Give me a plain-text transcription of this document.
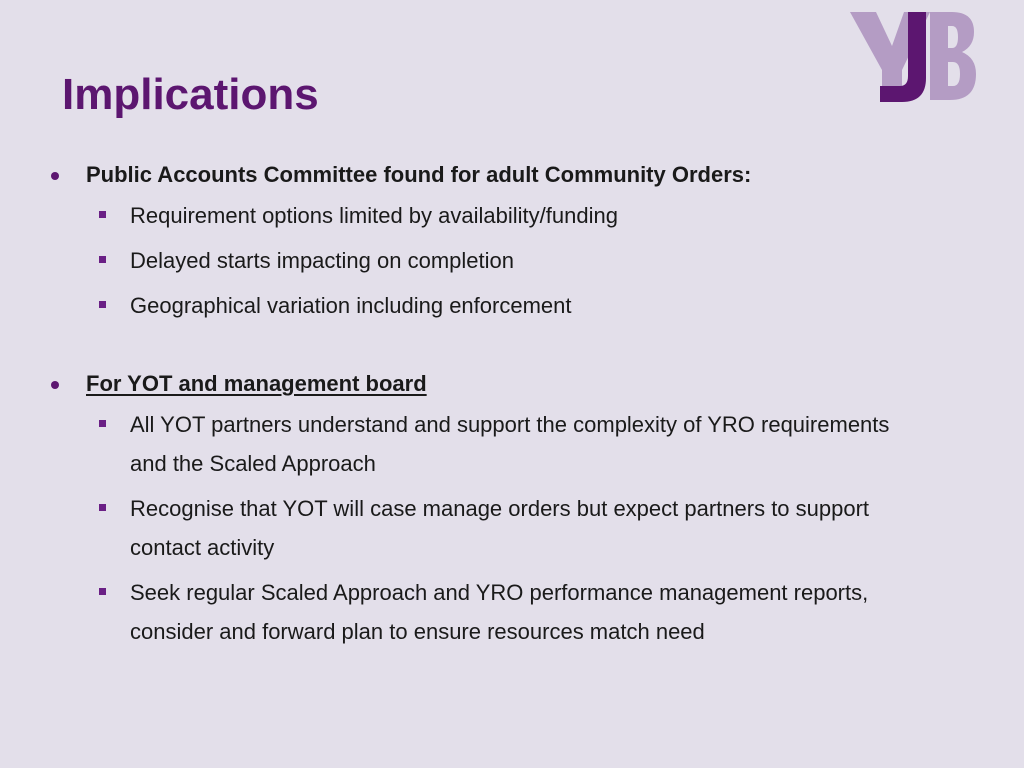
Implications
Public Accounts Committee found for adult Community Orders:
Requirement options limited by availability/funding
Delayed starts impacting on completion
Geographical variation including enforcement
For YOT and management board
All YOT partners understand and support the complexity of YRO requirements and the Scaled Approach
Recognise that YOT will case manage orders but expect partners to support contact activity
Seek regular Scaled Approach and YRO performance management reports, consider and forward plan to ensure resources match need
